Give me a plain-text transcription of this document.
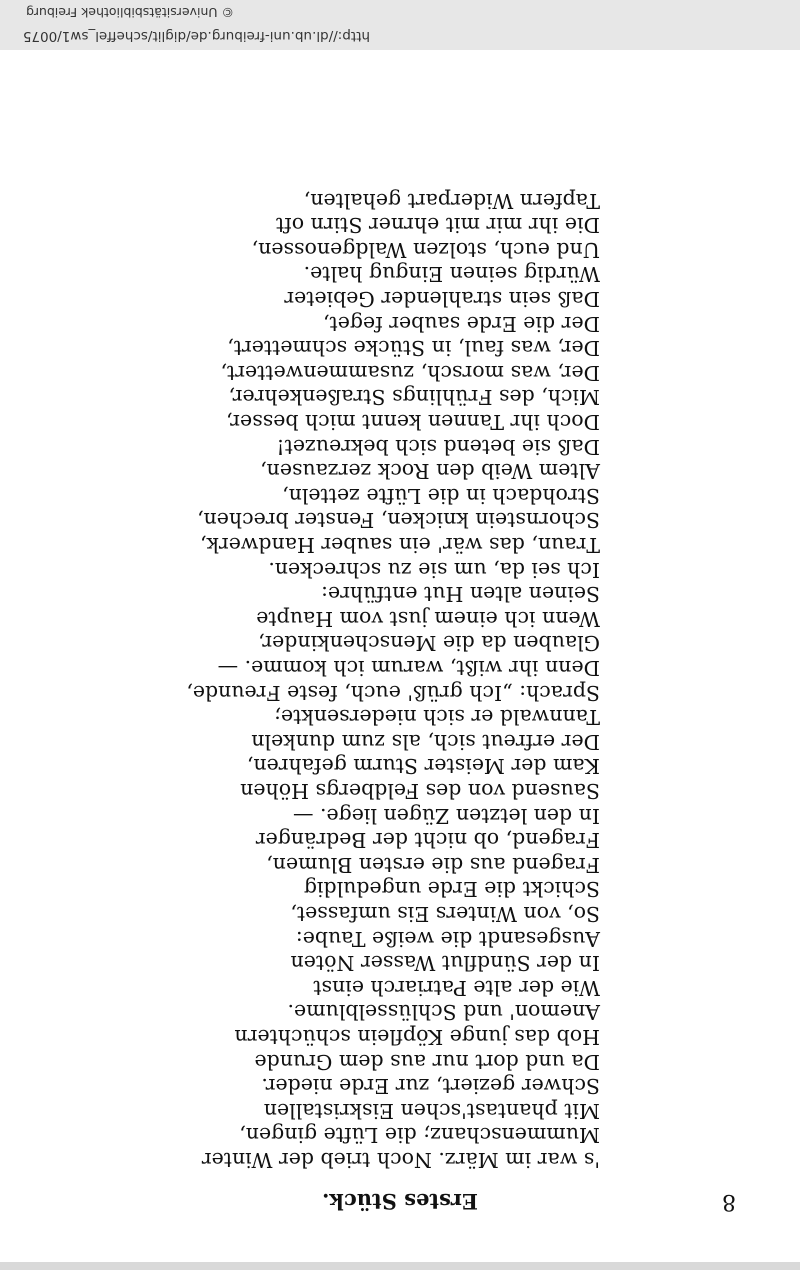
8
Erstes Stück.
's war im März. Noch trieb der Winter
Mummenschanz; die Lüfte gingen,
Mit phantast'schen Eiskristallen
Schwer geziert, zur Erde nieder.
Da und dort nur aus dem Grunde
Hob das junge Köpflein schüchtern
Anemon' und Schlüsselblume.
Wie der alte Patriarch einst
In der Sündflut Wasser Nöten
Ausgesandt die weiße Taube:
So, von Winters Eis umfasset,
Schickt die Erde ungeduldig
Fragend aus die ersten Blumen,
Fragend, ob nicht der Bedränger
In den letzten Zügen liege. —
Sausend von des Feldbergs Höhen
Kam der Meister Sturm gefahren,
Der erfreut sich, als zum dunkeln
Tannwald er sich niedersenkte;
Sprach: „Ich grüß' euch, feste Freunde,
Denn ihr wißt, warum ich komme. —
Glauben da die Menschenkinder,
Wenn ich einem just vom Haupte
Seinen alten Hut entführe:
Ich sei da, um sie zu schrecken.
Traun, das wär' ein sauber Handwerk,
Schornstein knicken, Fenster brechen,
Strohdach in die Lüfte zetteln,
Altem Weib den Rock zerzausen,
Daß sie betend sich bekreuzet!
Doch ihr Tannen kennt mich besser,
Mich, des Frühlings Straßenkehrer,
Der, was morsch, zusammenwettert,
Der, was faul, in Stücke schmettert,
Der die Erde sauber feget,
Daß sein strahlender Gebieter
Würdig seinen Eingug halte.
Und euch, stolzen Waldgenossen,
Die ihr mir mit ehrner Stirn oft
Tapfern Widerpart gehalten,
http://dl.ub.uni-freiburg.de/diglit/scheffel_sw1/0075
© Universitätsbibliothek Freiburg
